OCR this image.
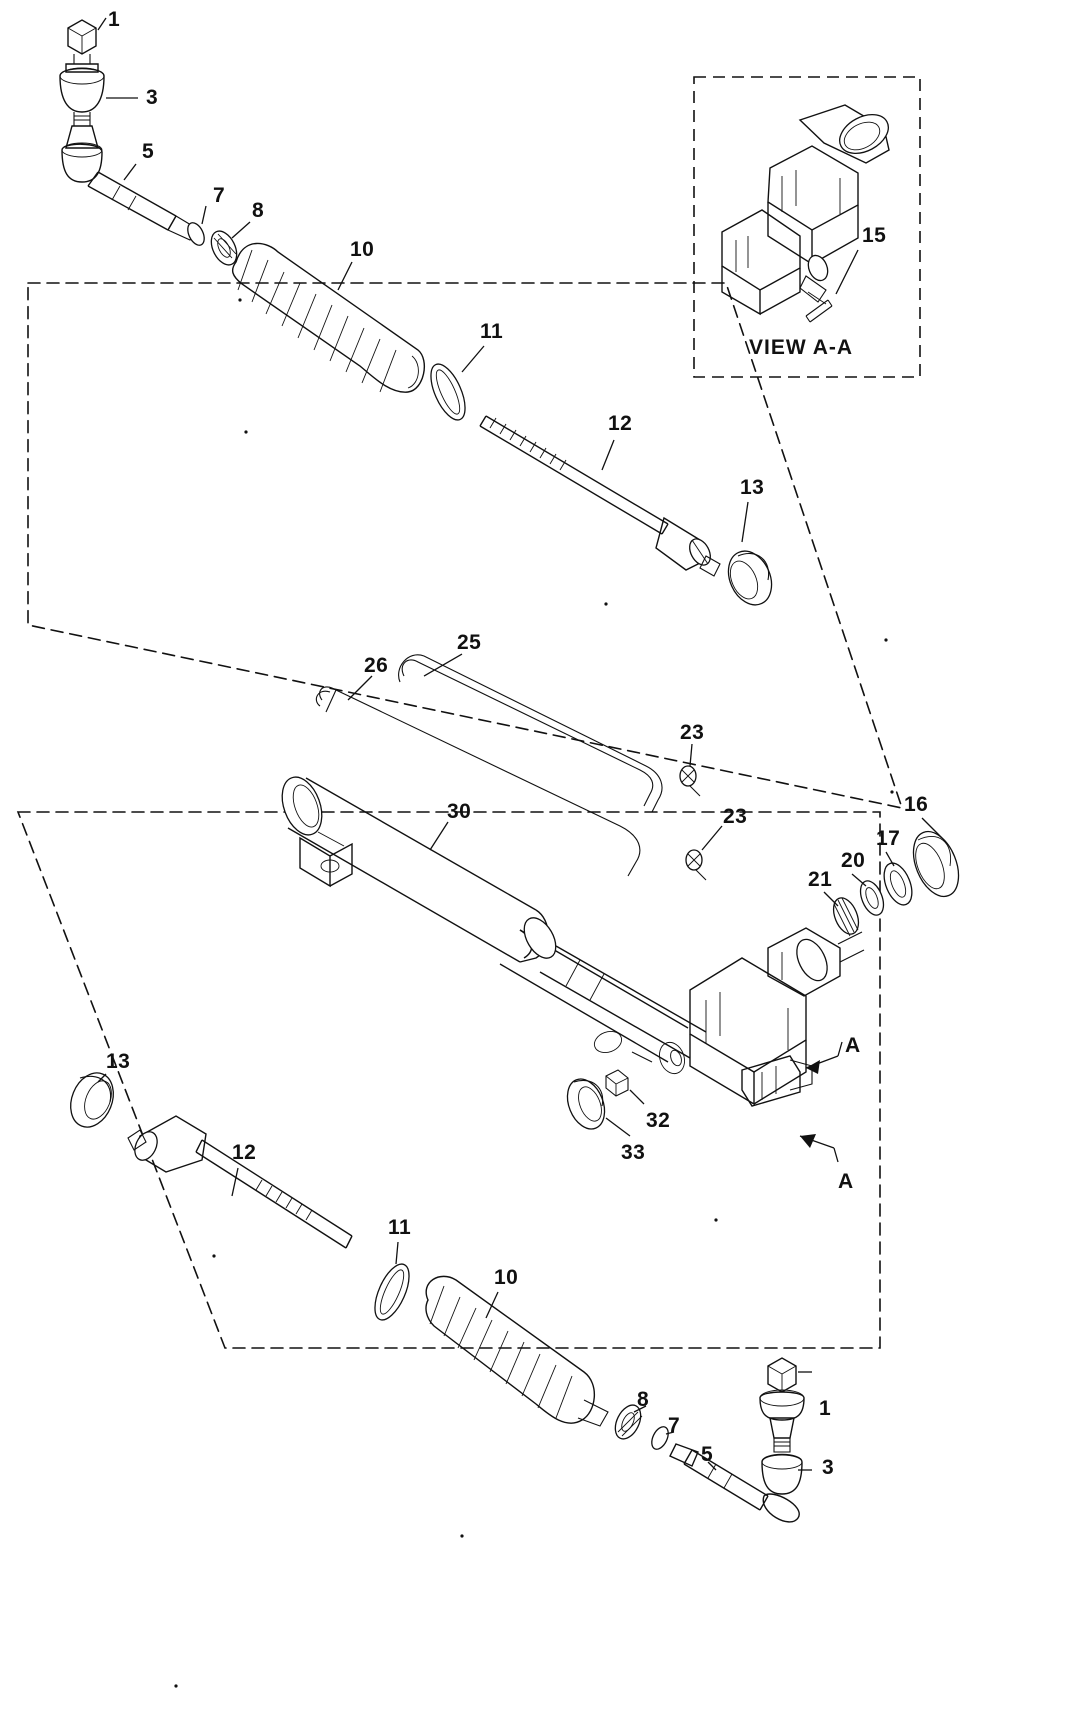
1
3
5
7
8
10
11
12
13
15
25
26
23
23
30	16
17
20
21
32
33
13
12
11
10
8
7
5
1
3
A
A
VIEW A-A
